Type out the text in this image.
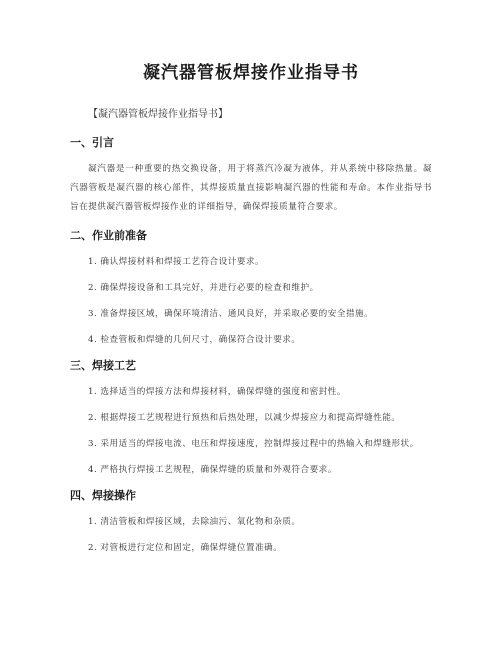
凝汽器管板焊接作业指导书

【凝汽器管板焊接作业指导书】

一、引言

凝汽器是一种重要的热交换设备，用于将蒸汽冷凝为液体，并从系统中移除热量。凝汽器管板是凝汽器的核心部件，其焊接质量直接影响凝汽器的性能和寿命。本作业指导书旨在提供凝汽器管板焊接作业的详细指导，确保焊接质量符合要求。

二、作业前准备

1. 确认焊接材料和焊接工艺符合设计要求。

2. 确保焊接设备和工具完好，并进行必要的检查和维护。

3. 准备焊接区域，确保环境清洁、通风良好，并采取必要的安全措施。

4. 检查管板和焊缝的几何尺寸，确保符合设计要求。

三、焊接工艺

1. 选择适当的焊接方法和焊接材料，确保焊缝的强度和密封性。

2. 根据焊接工艺规程进行预热和后热处理，以减少焊接应力和提高焊缝性能。

3. 采用适当的焊接电流、电压和焊接速度，控制焊接过程中的热输入和焊缝形状。

4. 严格执行焊接工艺规程，确保焊缝的质量和外观符合要求。

四、焊接操作

1. 清洁管板和焊接区域，去除油污、氧化物和杂质。

2. 对管板进行定位和固定，确保焊缝位置准确。
